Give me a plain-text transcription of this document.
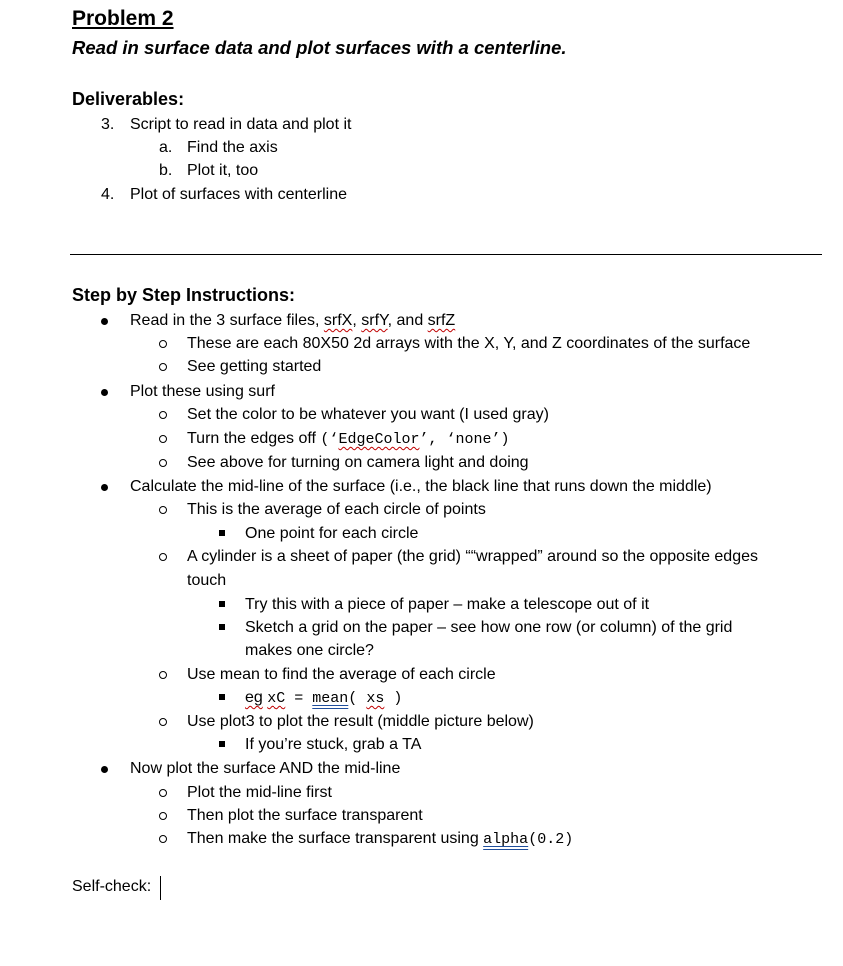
Problem 2
Read in surface data and plot surfaces with a centerline.
Deliverables:
3. Script to read in data and plot it
a. Find the axis
b. Plot it, too
4. Plot of surfaces with centerline
Step by Step Instructions:
Read in the 3 surface files, srfX, srfY, and srfZ
These are each 80X50 2d arrays with the X, Y, and Z coordinates of the surface
See getting started
Plot these using surf
Set the color to be whatever you want (I used gray)
Turn the edges off (‘EdgeColor’, ‘none’)
See above for turning on camera light and doing
Calculate the mid-line of the surface (i.e., the black line that runs down the middle)
This is the average of each circle of points
One point for each circle
A cylinder is a sheet of paper (the grid) ““wrapped” around so the opposite edges
touch
Try this with a piece of paper – make a telescope out of it
Sketch a grid on the paper – see how one row (or column) of the grid
makes one circle?
Use mean to find the average of each circle
eg xC = mean( xs )
Use plot3 to plot the result (middle picture below)
If you’re stuck, grab a TA
Now plot the surface AND the mid-line
Plot the mid-line first
Then plot the surface transparent
Then make the surface transparent using alpha(0.2)
Self-check:
